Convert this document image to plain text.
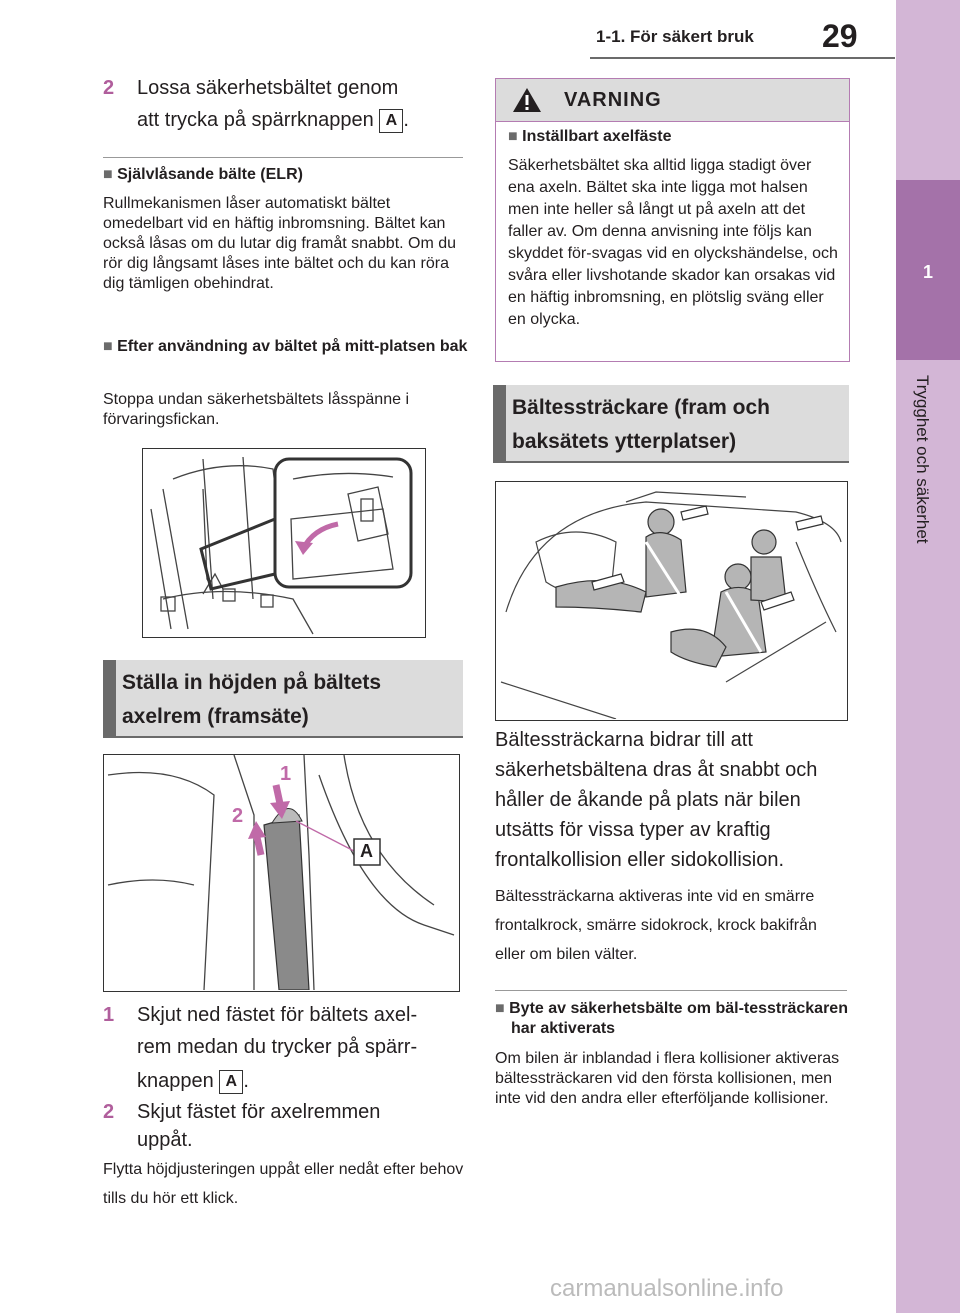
1-1. För säkert bruk 29
1
Trygghet och säkerhet
2 Lossa säkerhetsbältet genom
att trycka på spärrknappen A .
■ Självlåsande bälte (ELR)
Rullmekanismen låser automatiskt bältet omedelbart vid en häftig inbromsning. Bältet kan också låsas om du lutar dig framåt snabbt. Om du rör dig långsamt låses inte bältet och du kan röra dig tämligen obehindrat.
■ Efter användning av bältet på mitt-platsen bak
Stoppa undan säkerhetsbältets låsspänne i förvaringsfickan.
Ställa in höjden på bältets axelrem (framsäte)
1
2
A
1 Skjut ned fästet för bältets axel-
rem medan du trycker på spärr-
knappen A .
2 Skjut fästet för axelremmen
uppåt.
Flytta höjdjusteringen uppåt eller nedåt efter behov tills du hör ett klick.
VARNING
■ Inställbart axelfäste
Säkerhetsbältet ska alltid ligga stadigt över ena axeln. Bältet ska inte ligga mot halsen men inte heller så långt ut på axeln att det faller av. Om denna anvisning inte följs kan skyddet för-svagas vid en olyckshändelse, och svåra eller livshotande skador kan orsakas vid en häftig inbromsning, en plötslig sväng eller en olycka.
Bältessträckare (fram och baksätets ytterplatser)
Bältessträckarna bidrar till att säkerhetsbältena dras åt snabbt och håller de åkande på plats när bilen utsätts för vissa typer av kraftig frontalkollision eller sidokollision.
Bältessträckarna aktiveras inte vid en smärre frontalkrock, smärre sidokrock, krock bakifrån eller om bilen välter.
■ Byte av säkerhetsbälte om bäl-tessträckaren har aktiverats
Om bilen är inblandad i flera kollisioner aktiveras bältessträckaren vid den första kollisionen, men inte vid den andra eller efterföljande kollisioner.
carmanualsonline.info
